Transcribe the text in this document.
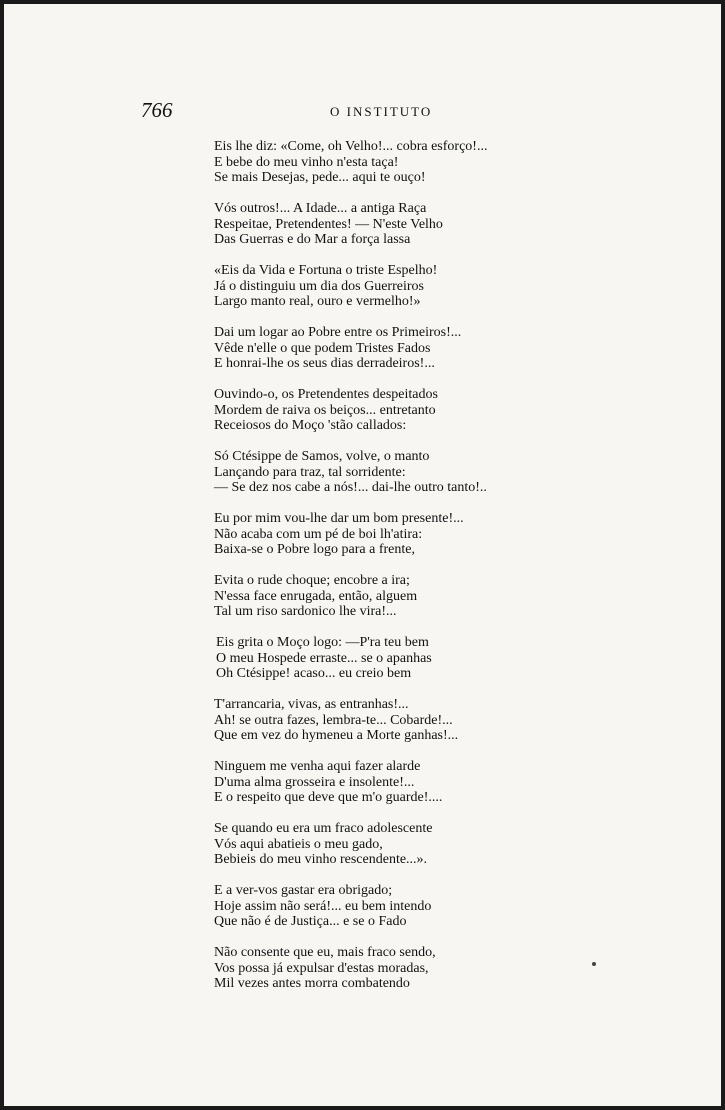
766	O INSTITUTO
Eis lhe diz: «Come, oh Velho!... cobra esforço!...
E bebe do meu vinho n'esta taça!
Se mais Desejas, pede... aqui te ouço!
Vós outros!... A Idade... a antiga Raça
Respeitae, Pretendentes! — N'este Velho
Das Guerras e do Mar a força lassa
«Eis da Vida e Fortuna o triste Espelho!
Já o distinguiu um dia dos Guerreiros
Largo manto real, ouro e vermelho!»
Dai um logar ao Pobre entre os Primeiros!...
Vêde n'elle o que podem Tristes Fados
E honrai-lhe os seus dias derradeiros!...
Ouvindo-o, os Pretendentes despeitados
Mordem de raiva os beiços... entretanto
Receiosos do Moço 'stão callados:
Só Ctésippe de Samos, volve, o manto
Lançando para traz, tal sorridente:
— Se dez nos cabe a nós!... dai-lhe outro tanto!..
Eu por mim vou-lhe dar um bom presente!...
Não acaba com um pé de boi lh'atira:
Baixa-se o Pobre logo para a frente,
Evita o rude choque; encobre a ira;
N'essa face enrugada, então, alguem
Tal um riso sardonico lhe vira!...
Eis grita o Moço logo: —P'ra teu bem
O meu Hospede erraste... se o apanhas
Oh Ctésippe! acaso... eu creio bem
T'arrancaria, vivas, as entranhas!...
Ah! se outra fazes, lembra-te... Cobarde!...
Que em vez do hymeneu a Morte ganhas!...
Ninguem me venha aqui fazer alarde
D'uma alma grosseira e insolente!...
E o respeito que deve que m'o guarde!....
Se quando eu era um fraco adolescente
Vós aqui abatieis o meu gado,
Bebieis do meu vinho rescendente...».
E a ver-vos gastar era obrigado;
Hoje assim não será!... eu bem intendo
Que não é de Justiça... e se o Fado
Não consente que eu, mais fraco sendo,
Vos possa já expulsar d'estas moradas,
Mil vezes antes morra combatendo
